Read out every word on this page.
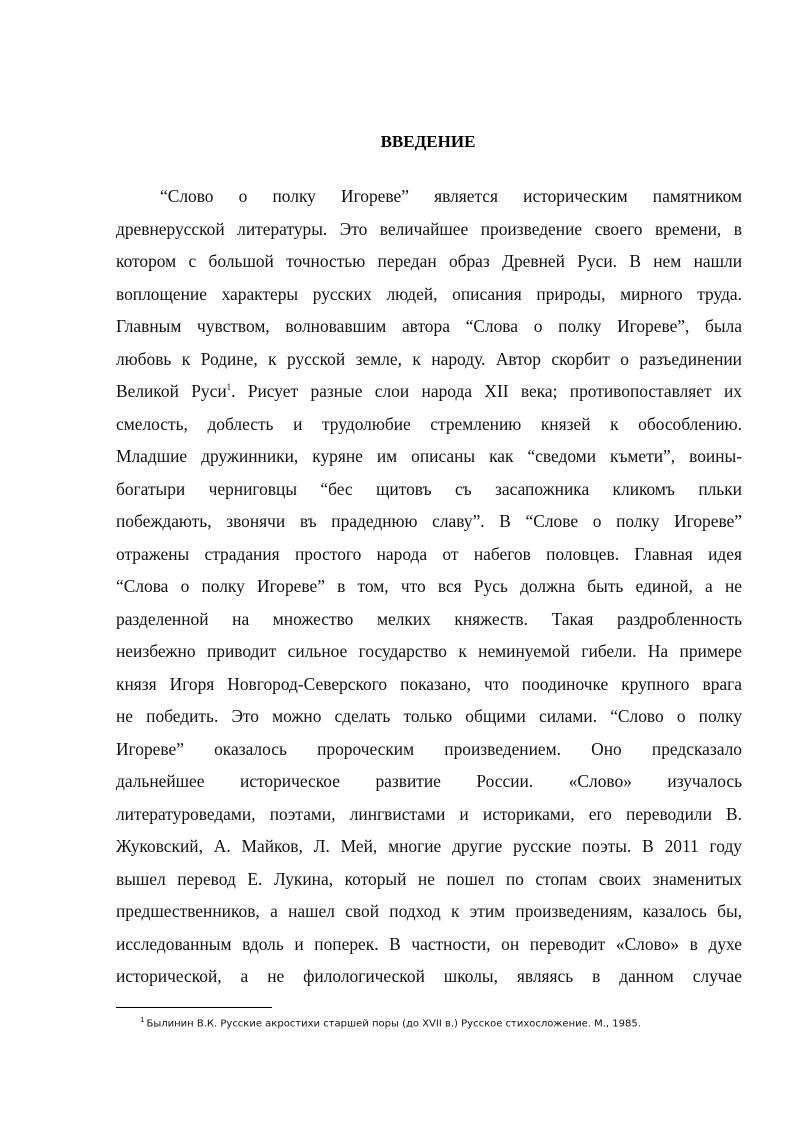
ВВЕДЕНИЕ
“Слово о полку Игореве” является историческим памятником
древнерусской литературы. Это величайшее произведение своего времени, в
котором с большой точностью передан образ Древней Руси. В нем нашли
воплощение характеры русских людей, описания природы, мирного труда.
Главным чувством, волновавшим автора “Слова о полку Игореве”, была
любовь к Родине, к русской земле, к народу. Автор скорбит о разъединении
Великой Руси$^1$. Рисует разные слои народа XII века; противопоставляет их
смелость, доблесть и трудолюбие стремлению князей к обособлению.
Младшие дружинники, куряне им описаны как “сведоми къмети”, воины-
богатыри черниговцы “бес щитовъ съ засапожника кликомъ пльки
побеждають, звонячи въ прадеднюю славу”. В “Слове о полку Игореве”
отражены страдания простого народа от набегов половцев. Главная идея
“Слова о полку Игореве” в том, что вся Русь должна быть единой, а не
разделенной на множество мелких княжеств. Такая раздробленность
неизбежно приводит сильное государство к неминуемой гибели. На примере
князя Игоря Новгород-Северского показано, что поодиночке крупного врага
не победить. Это можно сделать только общими силами. “Слово о полку
Игореве” оказалось пророческим произведением. Оно предсказало
дальнейшее историческое развитие России. «Слово» изучалось
литературоведами, поэтами, лингвистами и историками, его переводили В.
Жуковский, А. Майков, Л. Мей, многие другие русские поэты. В 2011 году
вышел перевод Е. Лукина, который не пошел по стопам своих знаменитых
предшественников, а нашел свой подход к этим произведениям, казалось бы,
исследованным вдоль и поперек. В частности, он переводит «Слово» в духе
исторической, а не филологической школы, являясь в данном случае
$^1$ Былинин В.К. Русские акростихи старшей поры (до XVII в.) Русское стихосложение. М., 1985.
